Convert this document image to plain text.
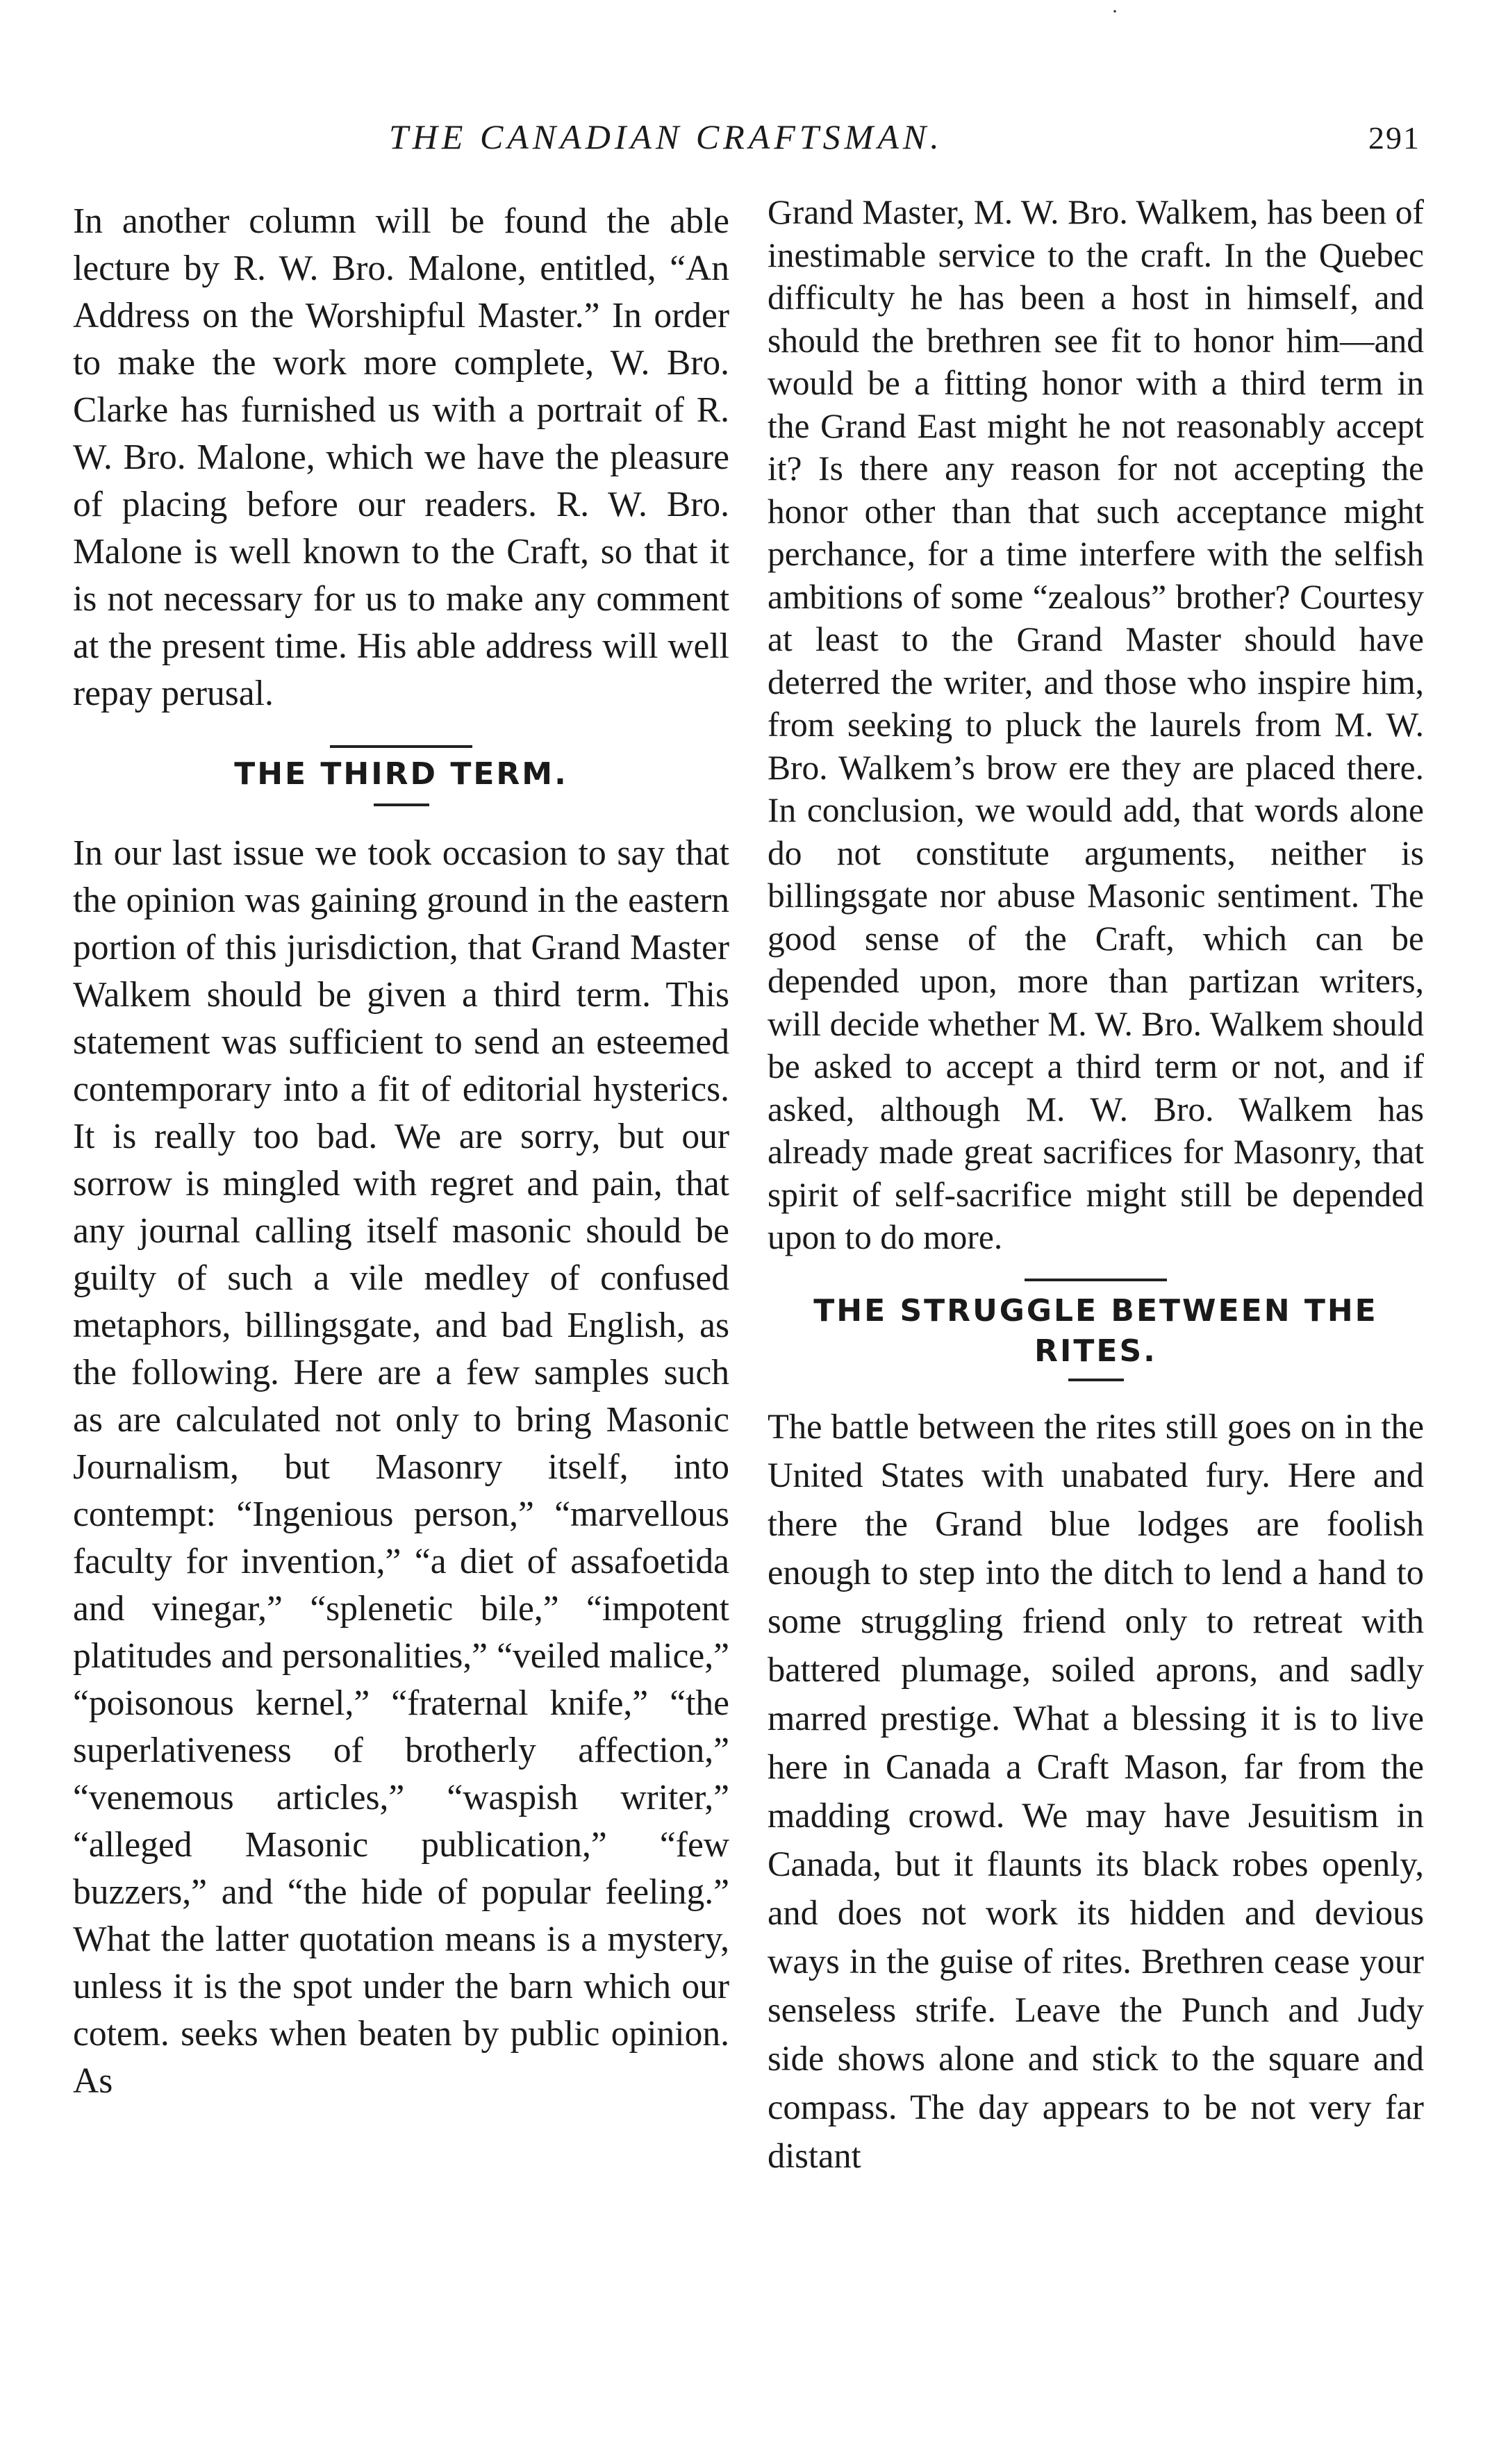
·
THE CANADIAN CRAFTSMAN.	291

In another column will be found the able lecture by R. W. Bro. Malone, entitled, “An Address on the Worshipful Master.” In order to make the work more complete, W. Bro. Clarke has furnished us with a portrait of R. W. Bro. Malone, which we have the pleasure of placing before our readers. R. W. Bro. Malone is well known to the Craft, so that it is not necessary for us to make any comment at the present time. His able address will well repay perusal.

THE THIRD TERM.

In our last issue we took occasion to say that the opinion was gaining ground in the eastern portion of this jurisdiction, that Grand Master Walkem should be given a third term. This statement was sufficient to send an esteemed contemporary into a fit of editorial hysterics. It is really too bad. We are sorry, but our sorrow is mingled with regret and pain, that any journal calling itself masonic should be guilty of such a vile medley of confused metaphors, billingsgate, and bad English, as the following. Here are a few samples such as are calculated not only to bring Masonic Journalism, but Masonry itself, into contempt: “Ingenious person,” “marvellous faculty for invention,” “a diet of assafoetida and vinegar,” “splenetic bile,” “impotent platitudes and personalities,” “veiled malice,” “poisonous kernel,” “fraternal knife,” “the superlativeness of brotherly affection,” “venemous articles,” “waspish writer,” “alleged Masonic publication,” “few buzzers,” and “the hide of popular feeling.” What the latter quotation means is a mystery, unless it is the spot under the barn which our cotem. seeks when beaten by public opinion. As

Grand Master, M. W. Bro. Walkem, has been of inestimable service to the craft. In the Quebec difficulty he has been a host in himself, and should the brethren see fit to honor him—and would be a fitting honor with a third term in the Grand East might he not reasonably accept it? Is there any reason for not accepting the honor other than that such acceptance might perchance, for a time interfere with the selfish ambitions of some “zealous” brother? Courtesy at least to the Grand Master should have deterred the writer, and those who inspire him, from seeking to pluck the laurels from M. W. Bro. Walkem’s brow ere they are placed there. In conclusion, we would add, that words alone do not constitute arguments, neither is billingsgate nor abuse Masonic sentiment. The good sense of the Craft, which can be depended upon, more than partizan writers, will decide whether M. W. Bro. Walkem should be asked to accept a third term or not, and if asked, although M. W. Bro. Walkem has already made great sacrifices for Masonry, that spirit of self-sacrifice might still be depended upon to do more.

THE STRUGGLE BETWEEN THE RITES.

The battle between the rites still goes on in the United States with unabated fury. Here and there the Grand blue lodges are foolish enough to step into the ditch to lend a hand to some struggling friend only to retreat with battered plumage, soiled aprons, and sadly marred prestige. What a blessing it is to live here in Canada a Craft Mason, far from the madding crowd. We may have Jesuitism in Canada, but it flaunts its black robes openly, and does not work its hidden and devious ways in the guise of rites. Brethren cease your senseless strife. Leave the Punch and Judy side shows alone and stick to the square and compass. The day appears to be not very far distant
